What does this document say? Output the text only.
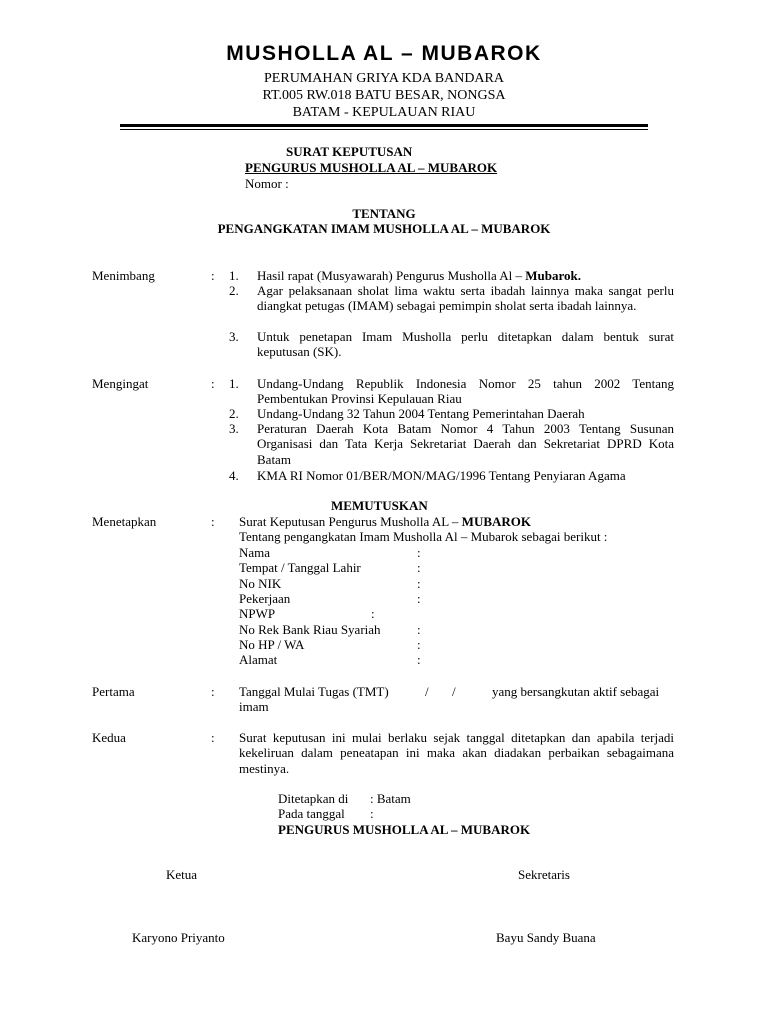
MUSHOLLA AL – MUBAROK
PERUMAHAN GRIYA KDA BANDARA
RT.005 RW.018 BATU BESAR, NONGSA
BATAM - KEPULAUAN RIAU
SURAT KEPUTUSAN
PENGURUS MUSHOLLA AL – MUBAROK
Nomor :
TENTANG
PENGANGKATAN IMAM MUSHOLLA AL – MUBAROK
Menimbang	: 1. Hasil rapat (Musyawarah) Pengurus Musholla Al – Mubarok.
2. Agar pelaksanaan sholat lima waktu serta ibadah lainnya maka sangat perlu diangkat petugas (IMAM) sebagai pemimpin sholat serta ibadah lainnya.
3. Untuk penetapan Imam Musholla perlu ditetapkan dalam bentuk surat keputusan (SK).
Mengingat	: 1. Undang-Undang Republik Indonesia Nomor 25 tahun 2002 Tentang Pembentukan Provinsi Kepulauan Riau
2. Undang-Undang 32 Tahun 2004 Tentang Pemerintahan Daerah
3. Peraturan Daerah Kota Batam Nomor 4 Tahun 2003 Tentang Susunan Organisasi dan Tata Kerja Sekretariat Daerah dan Sekretariat DPRD Kota Batam
4. KMA RI Nomor 01/BER/MON/MAG/1996 Tentang Penyiaran Agama
MEMUTUSKAN
Menetapkan	: Surat Keputusan Pengurus Musholla AL – MUBAROK
Tentang pengangkatan Imam Musholla Al – Mubarok sebagai berikut :
Nama	:
Tempat / Tanggal Lahir	:
No NIK	:
Pekerjaan	:
NPWP	:
No Rek Bank Riau Syariah	:
No HP / WA	:
Alamat	:
Pertama	: Tanggal Mulai Tugas (TMT)	/ /	yang bersangkutan aktif sebagai
imam
Kedua	: Surat keputusan ini mulai berlaku sejak tanggal ditetapkan dan apabila terjadi kekeliruan dalam peneatapan ini maka akan diadakan perbaikan sebagaimana mestinya.
Ditetapkan di : Batam
Pada tanggal :
PENGURUS MUSHOLLA AL – MUBAROK
Ketua	Sekretaris
Karyono Priyanto	Bayu Sandy Buana
